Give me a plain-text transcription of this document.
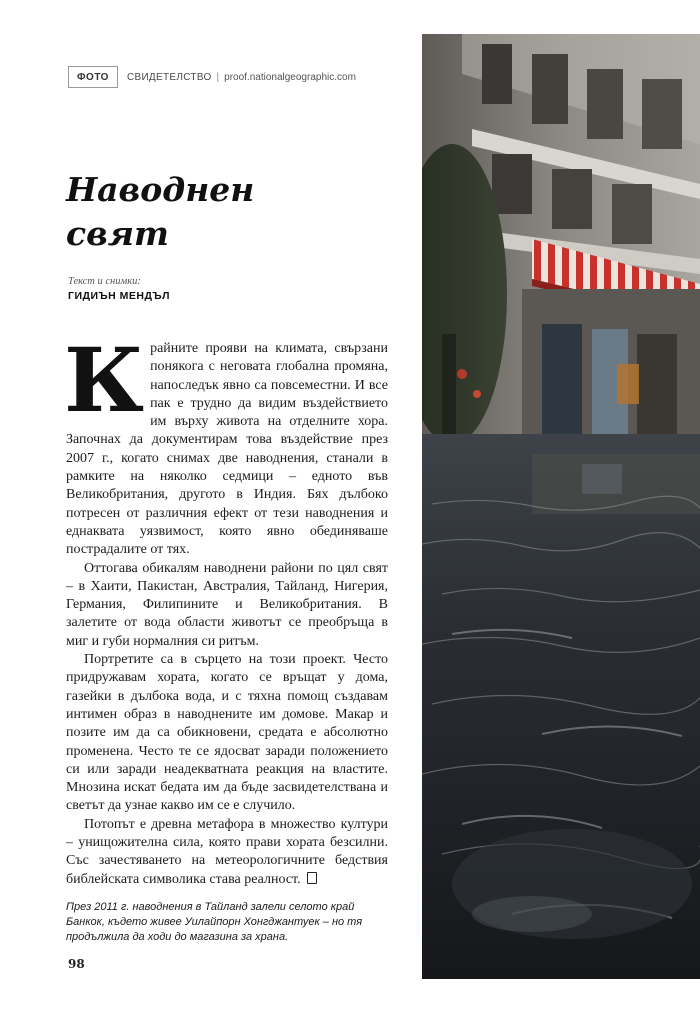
ФОТО	СВИДЕТЕЛСТВО | proof.nationalgeographic.com
Наводнен
свят
Текст и снимки:
ГИДИЪН МЕНДЪЛ

К райните прояви на климата, свързани понякога с неговата глобална промяна, напоследък явно са повсеместни. И все пак е трудно да видим въздействието им върху живота на отделните хора. Започнах да документирам това въздействие през 2007 г., когато снимах две наводнения, станали в рамките на няколко седмици – едното във Великобритания, другото в Индия. Бях дълбоко потресен от различния ефект от тези наводнения и еднаквата уязвимост, която явно обединяваше пострадалите от тях.

Оттогава обикалям наводнени райони по цял свят – в Хаити, Пакистан, Австралия, Тайланд, Нигерия, Германия, Филипините и Великобритания. В залетите от вода области животът се преобръща в миг и губи нормалния си ритъм.

Портретите са в сърцето на този проект. Често придружавам хората, когато се връщат у дома, газейки в дълбока вода, и с тяхна помощ създавам интимен образ в наводнените им домове. Макар и позите им да са обикновени, средата е абсолютно променена. Често те се ядосват заради положението си или заради неадекватната реакция на властите. Мнозина искат бедата им да бъде засвидетелствана и светът да узнае какво им се е случило.

Потопът е древна метафора в множество култури – унищожителна сила, която прави хората безсилни. Със зачестяването на метеорологичните бедствия библейската символика става реалност.

През 2011 г. наводнения в Тайланд залели селото край Банкок, където живее Уилайпорн Хонгджантуек – но тя продължила да ходи до магазина за храна.
98
